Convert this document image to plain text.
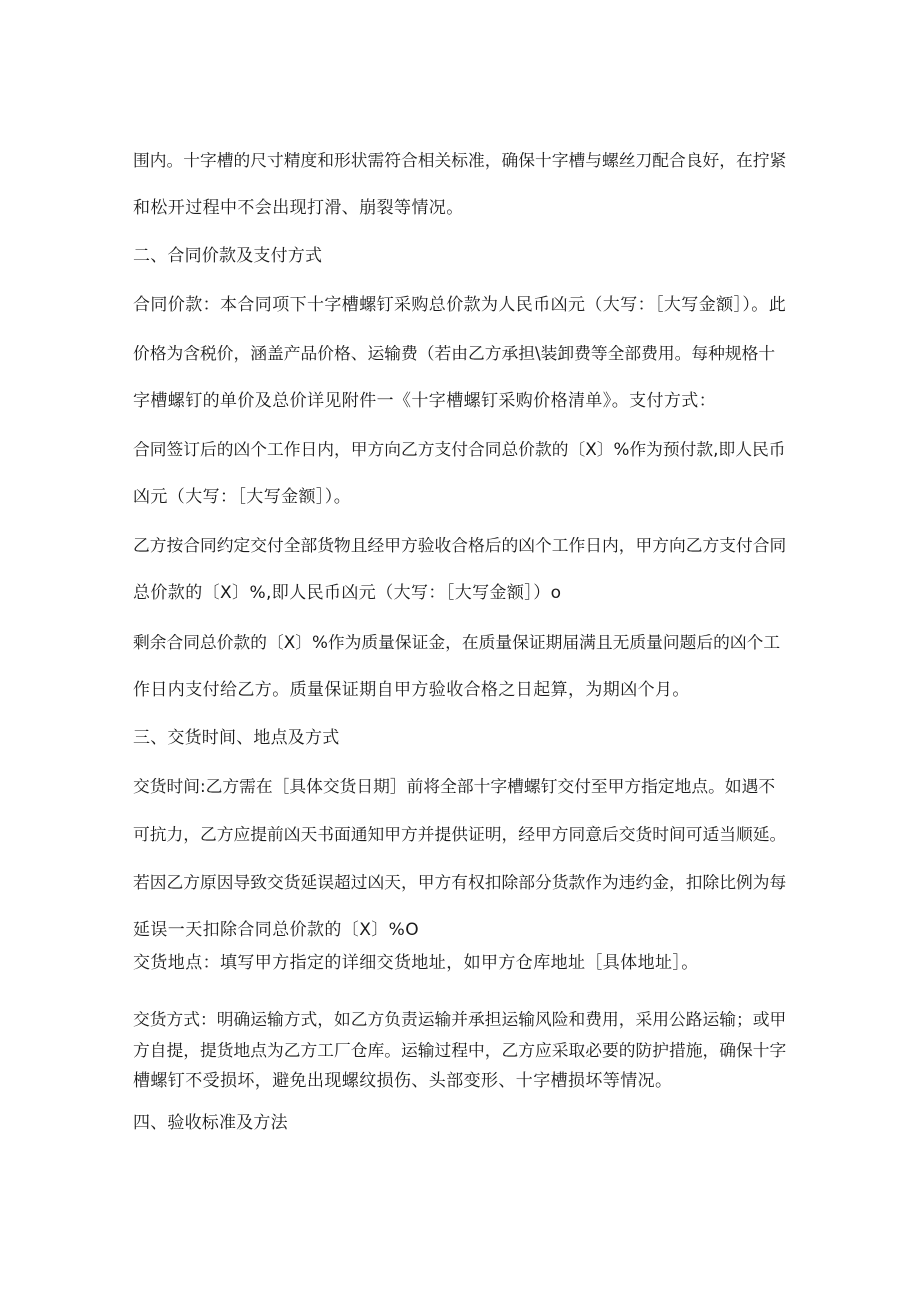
围内。十字槽的尺寸精度和形状需符合相关标准，确保十字槽与螺丝刀配合良好，在拧紧
和松开过程中不会出现打滑、崩裂等情况。
二、合同价款及支付方式
合同价款：本合同项下十字槽螺钉采购总价款为人民币凶元（大写：［大写金额］）。此
价格为含税价，涵盖产品价格、运输费（若由乙方承担\装卸费等全部费用。每种规格十
字槽螺钉的单价及总价详见附件一《十字槽螺钉采购价格清单》。支付方式：
合同签订后的凶个工作日内，甲方向乙方支付合同总价款的〔X〕%作为预付款,即人民币
凶元（大写：［大写金额］）。
乙方按合同约定交付全部货物且经甲方验收合格后的凶个工作日内，甲方向乙方支付合同
总价款的〔X〕%,即人民币凶元（大写：［大写金额］）o
剩余合同总价款的〔X〕%作为质量保证金，在质量保证期届满且无质量问题后的凶个工
作日内支付给乙方。质量保证期自甲方验收合格之日起算，为期凶个月。
三、交货时间、地点及方式
交货时间:乙方需在［具体交货日期］前将全部十字槽螺钉交付至甲方指定地点。如遇不
可抗力，乙方应提前凶天书面通知甲方并提供证明，经甲方同意后交货时间可适当顺延。
若因乙方原因导致交货延误超过凶天，甲方有权扣除部分货款作为违约金，扣除比例为每
延误一天扣除合同总价款的〔X〕%O
交货地点：填写甲方指定的详细交货地址，如甲方仓库地址［具体地址］。
交货方式：明确运输方式，如乙方负责运输并承担运输风险和费用，采用公路运输；或甲
方自提，提货地点为乙方工厂仓库。运输过程中，乙方应采取必要的防护措施，确保十字
槽螺钉不受损坏，避免出现螺纹损伤、头部变形、十字槽损坏等情况。
四、验收标准及方法
